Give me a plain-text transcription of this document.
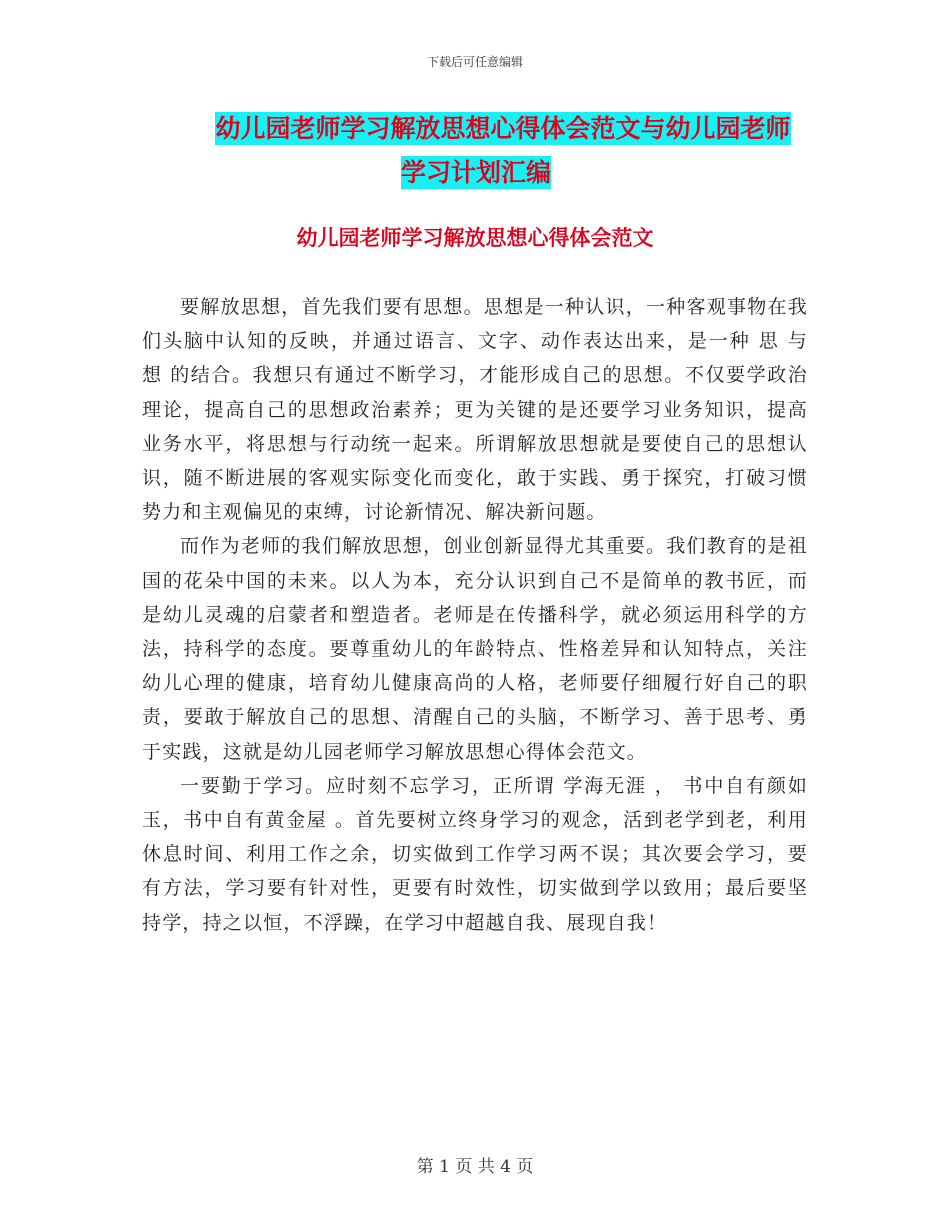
下载后可任意编辑
幼儿园老师学习解放思想心得体会范文与幼儿园老师
学习计划汇编
幼儿园老师学习解放思想心得体会范文

要解放思想，首先我们要有思想。思想是一种认识，一种客观事物在我们头脑中认知的反映，并通过语言、文字、动作表达出来，是一种 思 与 想 的结合。我想只有通过不断学习，才能形成自己的思想。不仅要学政治理论，提高自己的思想政治素养；更为关键的是还要学习业务知识，提高业务水平，将思想与行动统一起来。所谓解放思想就是要使自己的思想认识，随不断进展的客观实际变化而变化，敢于实践、勇于探究，打破习惯势力和主观偏见的束缚，讨论新情况、解决新问题。

而作为老师的我们解放思想，创业创新显得尤其重要。我们教育的是祖国的花朵中国的未来。以人为本，充分认识到自己不是简单的教书匠，而是幼儿灵魂的启蒙者和塑造者。老师是在传播科学，就必须运用科学的方法，持科学的态度。要尊重幼儿的年龄特点、性格差异和认知特点，关注幼儿心理的健康，培育幼儿健康高尚的人格，老师要仔细履行好自己的职责，要敢于解放自己的思想、清醒自己的头脑，不断学习、善于思考、勇于实践，这就是幼儿园老师学习解放思想心得体会范文。

一要勤于学习。应时刻不忘学习，正所谓 学海无涯 ， 书中自有颜如玉，书中自有黄金屋 。首先要树立终身学习的观念，活到老学到老，利用休息时间、利用工作之余，切实做到工作学习两不误；其次要会学习，要有方法，学习要有针对性，更要有时效性，切实做到学以致用；最后要坚持学，持之以恒，不浮躁，在学习中超越自我、展现自我！

第 1 页 共 4 页
